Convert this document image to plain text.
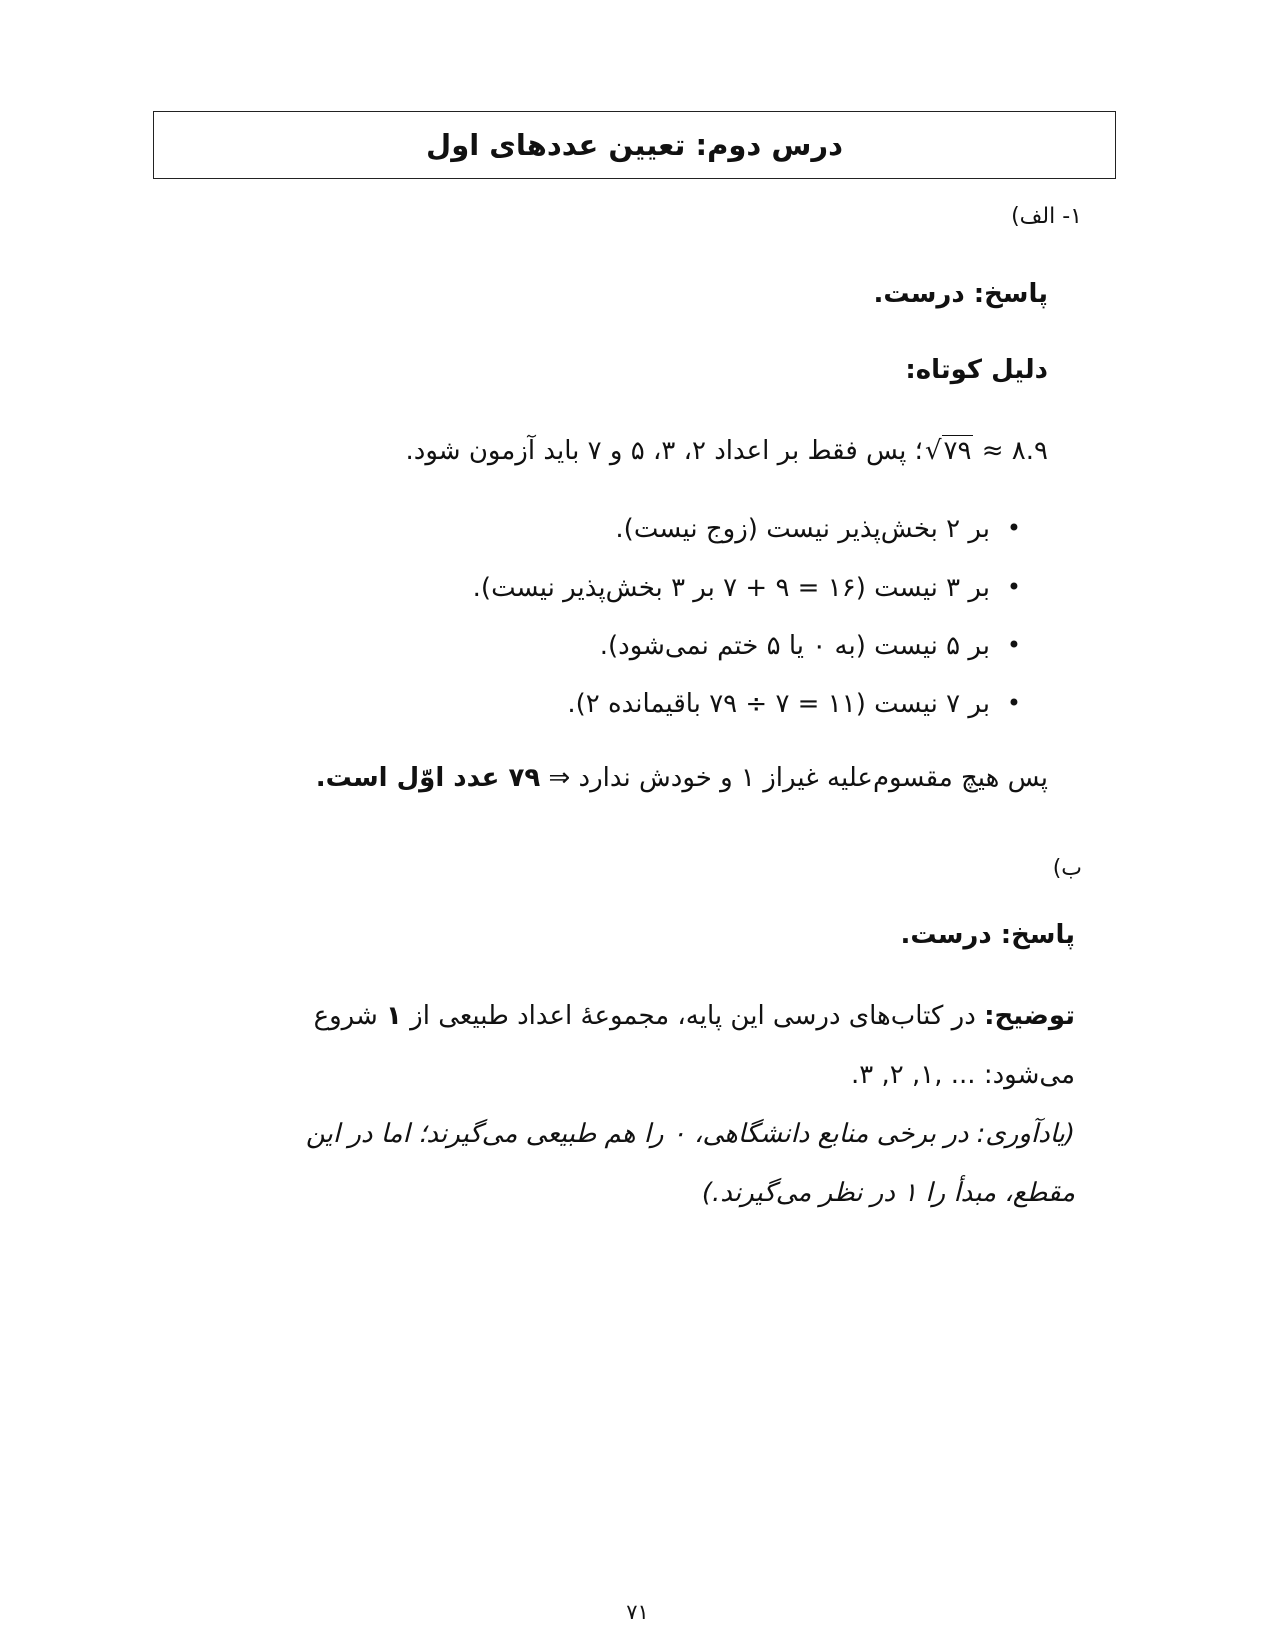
درس دوم: تعیین عددهای اول
۱- الف)
پاسخ: درست.
دلیل کوتاه:
۸.۹ ≈ √۷۹؛ پس فقط بر اعداد ۲، ۳، ۵ و ۷ باید آزمون شود.
•
بر ۲ بخش‌پذیر نیست (زوج نیست).
•
بر ۳ نیست (۱۶ = ۹ + ۷ بر ۳ بخش‌پذیر نیست).
•
بر ۵ نیست (به ۰ یا ۵ ختم نمی‌شود).
•
بر ۷ نیست (۱۱ = ۷ ÷ ۷۹ باقیمانده ۲).
پس هیچ مقسوم‌علیه غیراز ۱ و خودش ندارد ⇒ ۷۹ عدد اوّل است.
ب)
پاسخ: درست.
توضیح: در کتاب‌های درسی این پایه، مجموعهٔ اعداد طبیعی از ۱ شروع
می‌شود: ... ,۱, ۲, ۳.
(یادآوری: در برخی منابع دانشگاهی، ۰ را هم طبیعی می‌گیرند؛ اما در این
مقطع، مبدأ را ۱ در نظر می‌گیرند.)
۷۱
